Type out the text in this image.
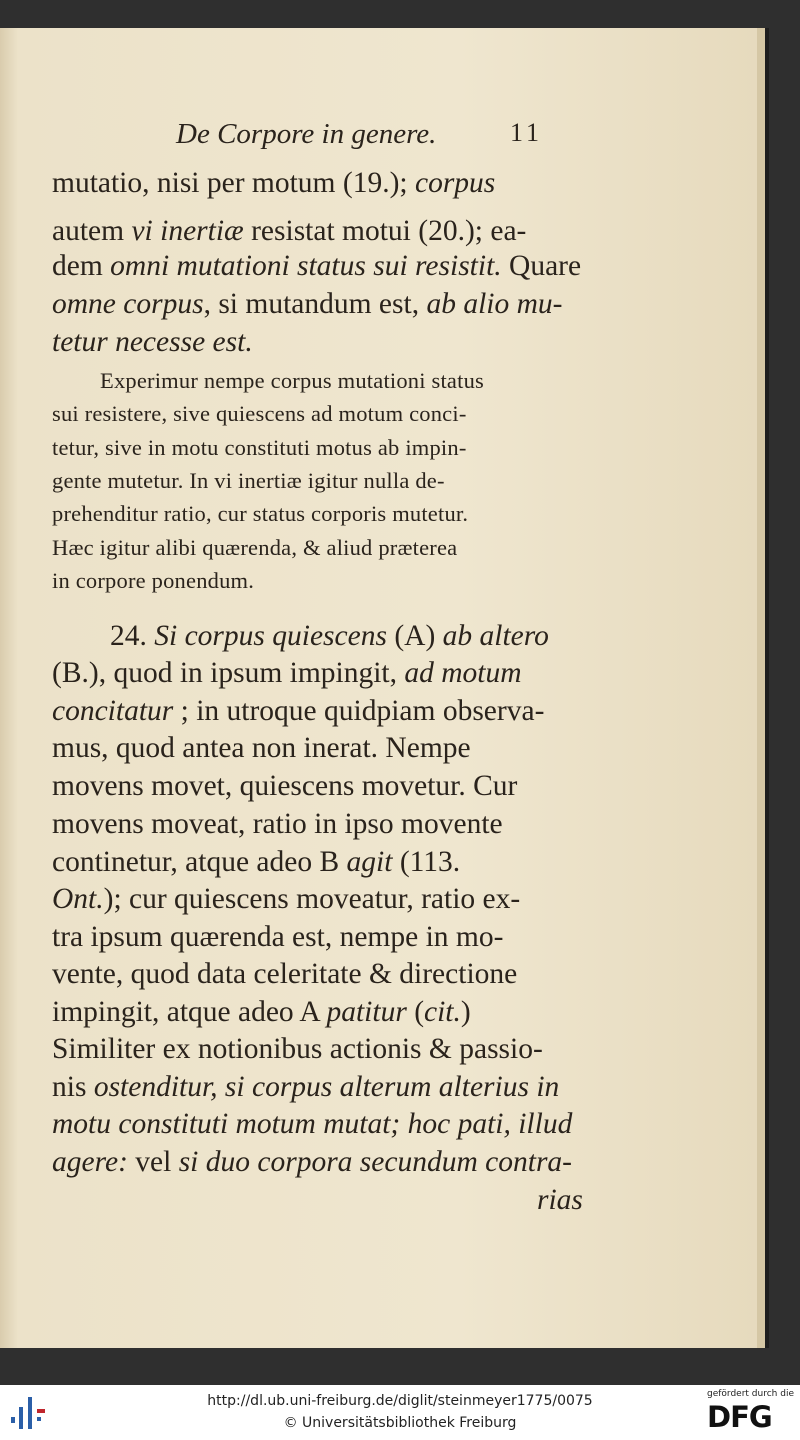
De Corpore in genere.	11
mutatio, nisi per motum (19.); corpus
autem vi inertiæ resistat motui (20.); ea-
dem omni mutationi status sui resistit. Quare
omne corpus, si mutandum est, ab alio mu-
tetur necesse est.
Experimur nempe corpus mutationi status
sui resistere, sive quiescens ad motum conci-
tetur, sive in motu constituti motus ab impin-
gente mutetur. In vi inertiæ igitur nulla de-
prehenditur ratio, cur status corporis mutetur.
Hæc igitur alibi quærenda, & aliud præterea
in corpore ponendum.
24. Si corpus quiescens (A) ab altero
(B.), quod in ipsum impingit, ad motum
concitatur ; in utroque quidpiam observa-
mus, quod antea non inerat. Nempe
movens movet, quiescens movetur. Cur
movens moveat, ratio in ipso movente
continetur, atque adeo B agit (113.
Ont.); cur quiescens moveatur, ratio ex-
tra ipsum quærenda est, nempe in mo-
vente, quod data celeritate & directione
impingit, atque adeo A patitur (cit.)
Similiter ex notionibus actionis & passio-
nis ostenditur, si corpus alterum alterius in
motu constituti motum mutat; hoc pati, illud
agere: vel si duo corpora secundum contra-
rias
http://dl.ub.uni-freiburg.de/diglit/steinmeyer1775/0075
© Universitätsbibliothek Freiburg
gefördert durch die
DFG
